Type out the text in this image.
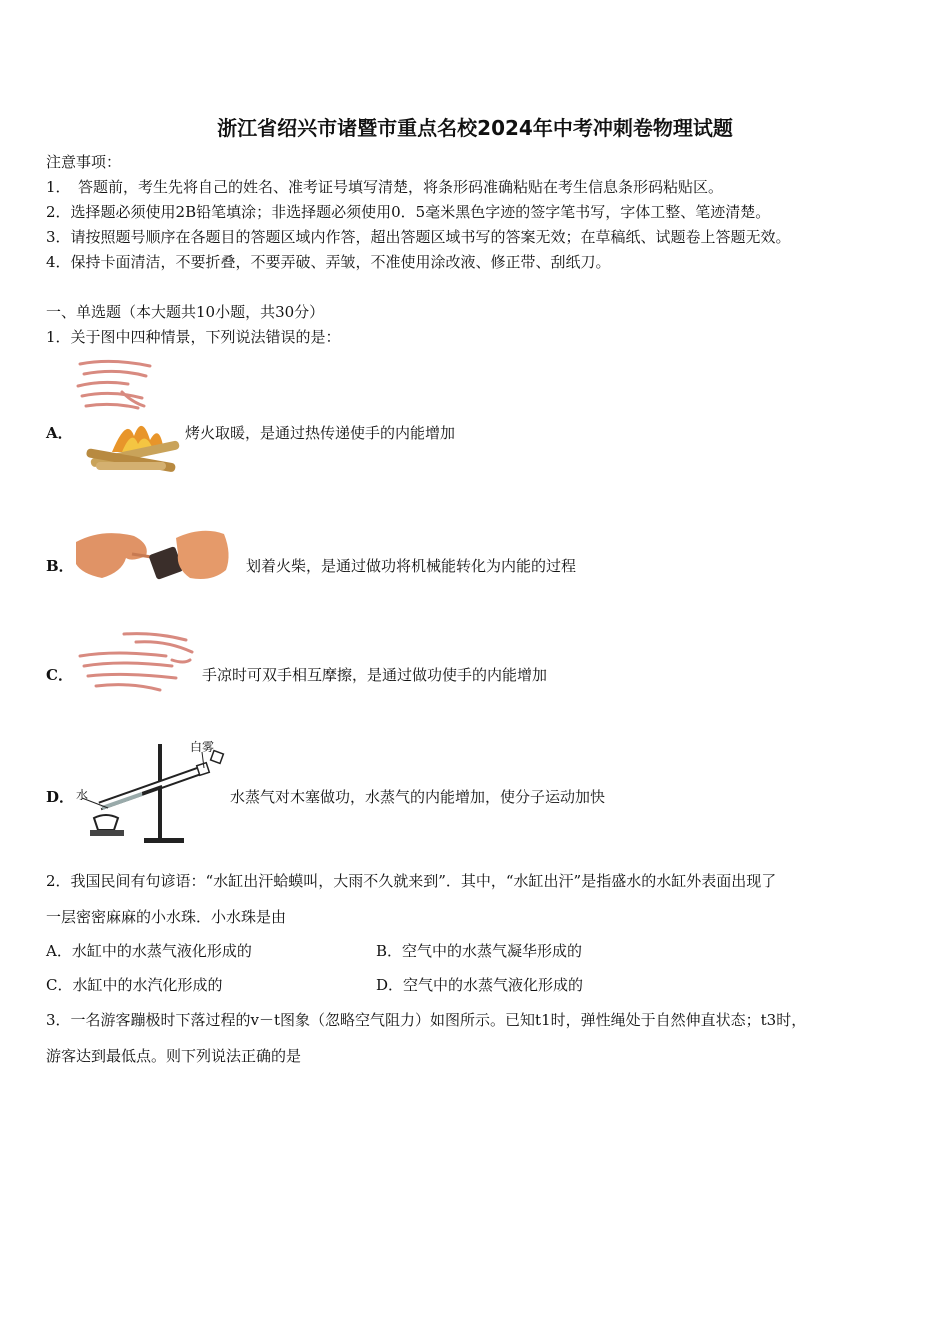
浙江省绍兴市诸暨市重点名校2024年中考冲刺卷物理试题
注意事项：
1．　答题前，考生先将自己的姓名、准考证号填写清楚，将条形码准确粘贴在考生信息条形码粘贴区。
2．选择题必须使用2B铅笔填涂；非选择题必须使用0．5毫米黑色字迹的签字笔书写，字体工整、笔迹清楚。
3．请按照题号顺序在各题目的答题区域内作答，超出答题区域书写的答案无效；在草稿纸、试题卷上答题无效。
4．保持卡面清洁，不要折叠，不要弄破、弄皱，不准使用涂改液、修正带、刮纸刀。
一、单选题（本大题共10小题，共30分）
1．关于图中四种情景，下列说法错误的是：
A．	烤火取暖，是通过热传递使手的内能增加
B．	划着火柴，是通过做功将机械能转化为内能的过程
C．	手凉时可双手相互摩擦，是通过做功使手的内能增加
D． 水
白雾
水蒸气对木塞做功，水蒸气的内能增加，使分子运动加快
2．我国民间有句谚语：“水缸出汗蛤蟆叫，大雨不久就来到”．其中，“水缸出汗”是指盛水的水缸外表面出现了
一层密密麻麻的小水珠．小水珠是由
A．水缸中的水蒸气液化形成的	B．空气中的水蒸气凝华形成的
C．水缸中的水汽化形成的	D．空气中的水蒸气液化形成的
3．一名游客蹦极时下落过程的v－t图象（忽略空气阻力）如图所示。已知t1时，弹性绳处于自然伸直状态；t3时，
游客达到最低点。则下列说法正确的是
